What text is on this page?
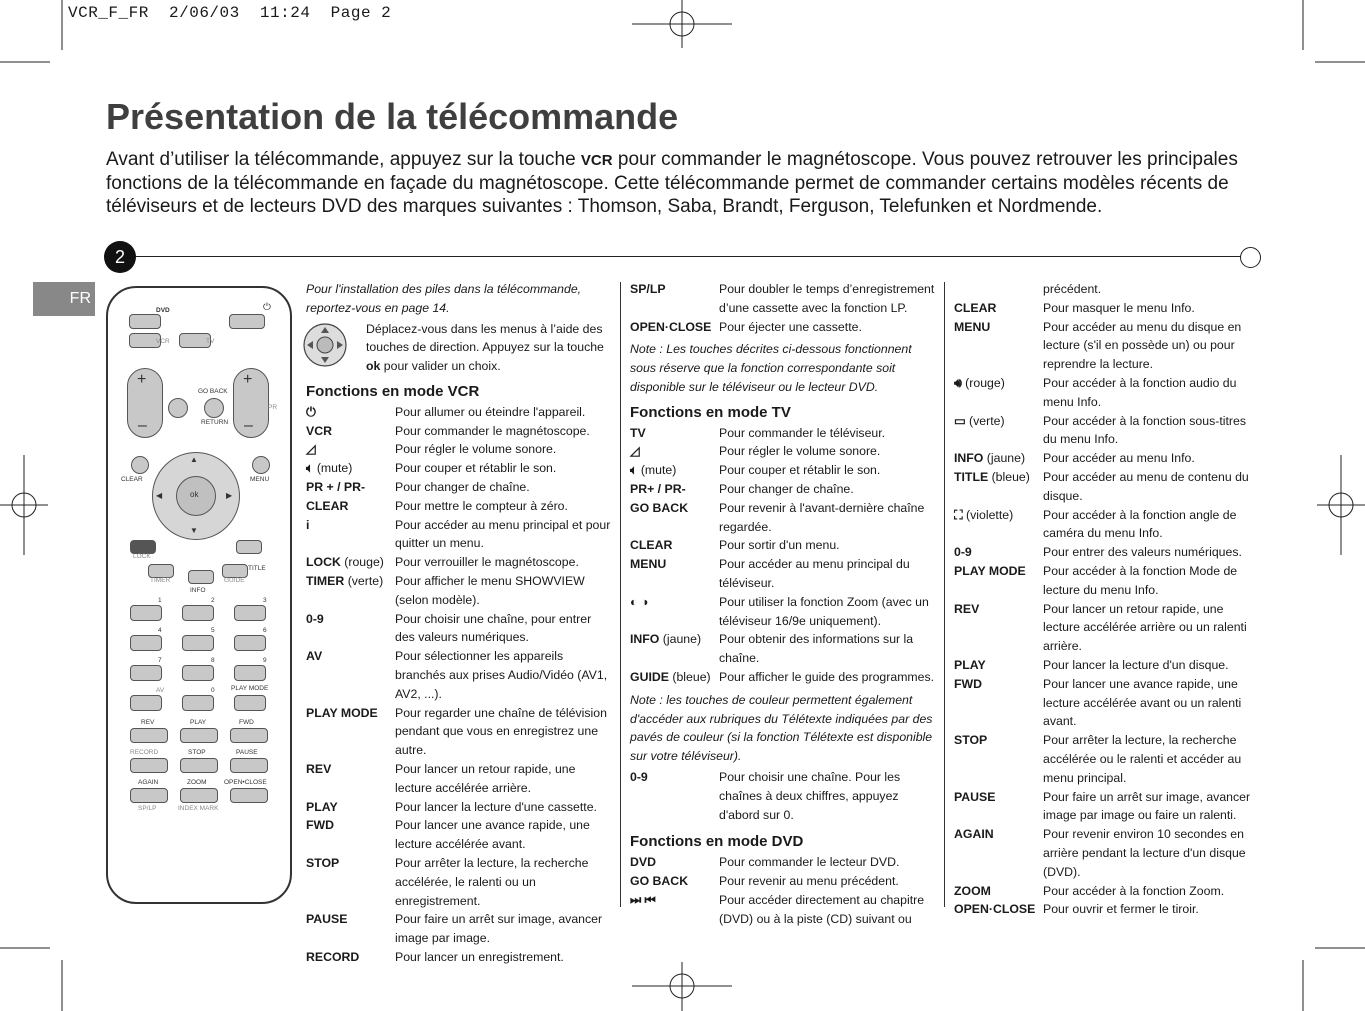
VCR_F_FR  2/06/03  11:24  Page 2
Présentation de la télécommande

Avant d’utiliser la télécommande, appuyez sur la touche VCR pour commander le magnétoscope. Vous pouvez retrouver les principales fonctions de la télécommande en façade du magnétoscope. Cette télécommande permet de commander certains modèles récents de téléviseurs et de lecteurs DVD des marques suivantes : Thomson, Saba, Brandt, Ferguson, Telefunken et Nordmende.

2
FR
DVD	⏻
VCR	TV
+
–
+
–
GO BACK
RETURN
PR
CLEAR	MENU
ok
▲
▼
◀	▶
LOCK
TITLE
TIMER
INFO
GUIDE
1	2	3
4	5	6
7	8	9
AV	0	PLAY MODE
REV	PLAY	FWD
RECORD	STOP	PAUSE
AGAIN	ZOOM	OPEN•CLOSE
SP/LP	INDEX MARK
Pour l'installation des piles dans la télécommande, reportez-vous en page 14.
Déplacez-vous dans les menus à l’aide des touches de direction. Appuyez sur la touche ok pour valider un choix.
Fonctions en mode VCR
⏻	Pour allumer ou éteindre l'appareil.
VCR	Pour commander le magnétoscope.
◿	Pour régler le volume sonore.
🔈︎ (mute)	Pour couper et rétablir le son.
PR + / PR-	Pour changer de chaîne.
CLEAR	Pour mettre le compteur à zéro.
i	Pour accéder au menu principal et pour quitter un menu.
LOCK (rouge) Pour verrouiller le magnétoscope.
TIMER (verte) Pour afficher le menu SHOWVIEW (selon modèle).
0-9	Pour choisir une chaîne, pour entrer des valeurs numériques.
AV	Pour sélectionner les appareils branchés aux prises Audio/Vidéo (AV1, AV2, ...).
PLAY MODE	Pour regarder une chaîne de télévision pendant que vous en enregistrez une autre.
REV	Pour lancer un retour rapide, une lecture accélérée arrière.
PLAY	Pour lancer la lecture d'une cassette.
FWD	Pour lancer une avance rapide, une lecture accélérée avant.
STOP	Pour arrêter la lecture, la recherche accélérée, le ralenti ou un enregistrement.
PAUSE	Pour faire un arrêt sur image, avancer image par image.
RECORD	Pour lancer un enregistrement.
SP/LP	Pour doubler le temps d’enregistrement d’une cassette avec la fonction LP.
OPEN·CLOSE Pour éjecter une cassette.
Note : Les touches décrites ci-dessous fonctionnent sous réserve que la fonction correspondante soit disponible sur le téléviseur ou le lecteur DVD.
Fonctions en mode TV
TV	Pour commander le téléviseur.
◿	Pour régler le volume sonore.
🔈︎ (mute)	Pour couper et rétablir le son.
PR+ / PR-	Pour changer de chaîne.
GO BACK	Pour revenir à l'avant-dernière chaîne regardée.
CLEAR	Pour sortir d'un menu.
MENU	Pour accéder au menu principal du téléviseur.
◐ ◑	Pour utiliser la fonction Zoom (avec un téléviseur 16/9e uniquement).
INFO (jaune)	Pour obtenir des informations sur la chaîne.
GUIDE (bleue) Pour afficher le guide des programmes.
Note : les touches de couleur permettent également d'accéder aux rubriques du Télétexte indiquées par des pavés de couleur (si la fonction Télétexte est disponible sur votre téléviseur).
0-9	Pour choisir une chaîne. Pour les chaînes à deux chiffres, appuyez d'abord sur 0.
Fonctions en mode DVD
DVD	Pour commander le lecteur DVD.
GO BACK	Pour revenir au menu précédent.
⏭ ⏮	Pour accéder directement au chapitre (DVD) ou à la piste (CD) suivant ou
précédent.
CLEAR	Pour masquer le menu Info.
MENU	Pour accéder au menu du disque en lecture (s'il en possède un) ou pour reprendre la lecture.
🔊︎ (rouge)	Pour accéder à la fonction audio du menu Info.
▭ (verte)	Pour accéder à la fonction sous-titres du menu Info.
INFO (jaune)	Pour accéder au menu Info.
TITLE (bleue)	Pour accéder au menu de contenu du disque.
⛶ (violette)	Pour accéder à la fonction angle de caméra du menu Info.
0-9	Pour entrer des valeurs numériques.
PLAY MODE	Pour accéder à la fonction Mode de lecture du menu Info.
REV	Pour lancer un retour rapide, une lecture accélérée arrière ou un ralenti arrière.
PLAY	Pour lancer la lecture d'un disque.
FWD	Pour lancer une avance rapide, une lecture accélérée avant ou un ralenti avant.
STOP	Pour arrêter la lecture, la recherche accélérée ou le ralenti et accéder au menu principal.
PAUSE	Pour faire un arrêt sur image, avancer image par image ou faire un ralenti.
AGAIN	Pour revenir environ 10 secondes en arrière pendant la lecture d'un disque (DVD).
ZOOM	Pour accéder à la fonction Zoom.
OPEN·CLOSE Pour ouvrir et fermer le tiroir.
